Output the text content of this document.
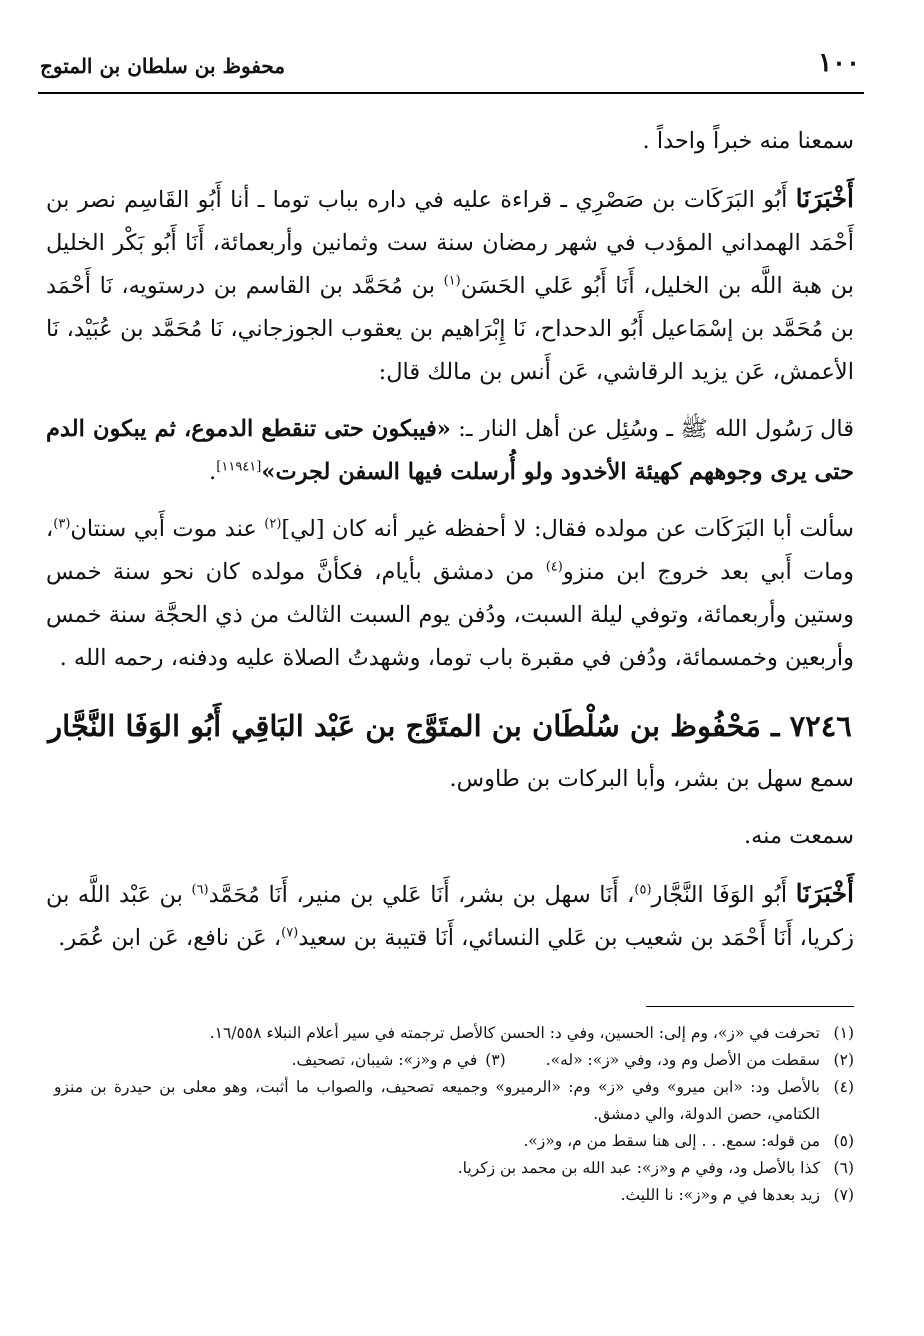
١٠٠
محفوظ بن سلطان بن المتوج

سمعنا منه خبراً واحداً .

أَخْبَرَنَا أَبُو البَرَكَات بن صَصْرِي ـ قراءة عليه في داره بباب توما ـ أنا أَبُو القَاسِم نصر بن أَحْمَد الهمداني المؤدب في شهر رمضان سنة ست وثمانين وأربعمائة، أَنَا أَبُو بَكْر الخليل بن هبة اللَّه بن الخليل، أَنَا أَبُو عَلي الحَسَن$^{(١)}$ بن مُحَمَّد بن القاسم بن درستويه، نَا أَحْمَد بن مُحَمَّد بن إسْمَاعيل أَبُو الدحداح، نَا إِبْرَاهيم بن يعقوب الجوزجاني، نَا مُحَمَّد بن عُبَيْد، نَا الأعمش، عَن يزيد الرقاشي، عَن أَنس بن مالك قال:

قال رَسُول الله ﷺ ـ وسُئِل عن أهل النار ـ: «فيبكون حتى تنقطع الدموع، ثم يبكون الدم حتى يرى وجوههم كهيئة الأخدود ولو أُرسلت فيها السفن لجرت»[١١٩٤١].

سألت أبا البَرَكَات عن مولده فقال: لا أحفظه غير أنه كان [لي]$^{(٢)}$ عند موت أَبي سنتان$^{(٣)}$، ومات أَبي بعد خروج ابن منزو$^{(٤)}$ من دمشق بأيام، فكأنَّ مولده كان نحو سنة خمس وستين وأربعمائة، وتوفي ليلة السبت، ودُفن يوم السبت الثالث من ذي الحجَّة سنة خمس وأربعين وخمسمائة، ودُفن في مقبرة باب توما، وشهدتُ الصلاة عليه ودفنه، رحمه الله .

٧٢٤٦ ـ مَحْفُوظ بن سُلْطَان بن المتَوَّج بن عَبْد البَاقِي أَبُو الوَفَا النَّجَّار

سمع سهل بن بشر، وأبا البركات بن طاوس.

سمعت منه.

أَخْبَرَنَا أَبُو الوَفَا النَّجَّار$^{(٥)}$، أَنَا سهل بن بشر، أَنَا عَلي بن منير، أَنَا مُحَمَّد$^{(٦)}$ بن عَبْد اللَّه بن زكريا، أَنَا أَحْمَد بن شعيب بن عَلي النسائي، أَنَا قتيبة بن سعيد$^{(٧)}$، عَن نافع، عَن ابن عُمَر.

(١)
تحرفت في «ز»، وم إلى: الحسين، وفي د: الحسن كالأصل ترجمته في سير أعلام النبلاء ١٦/٥٥٨.
(٢)
سقطت من الأصل وم ود، وفي «ز»: «له».
(٣)
في م و«ز»: شيبان، تصحيف.
(٤)
بالأصل ود: «ابن ميرو» وفي «ز» وم: «الرميرو» وجميعه تصحيف، والصواب ما أثبت، وهو معلى بن حيدرة بن منزو الكتامي، حصن الدولة، والي دمشق.
(٥)
من قوله: سمع. . . إلى هنا سقط من م، و«ز».
(٦)
كذا بالأصل ود، وفي م و«ز»: عبد الله بن محمد بن زكريا.
(٧)
زيد بعدها في م و«ز»: نا الليث.
